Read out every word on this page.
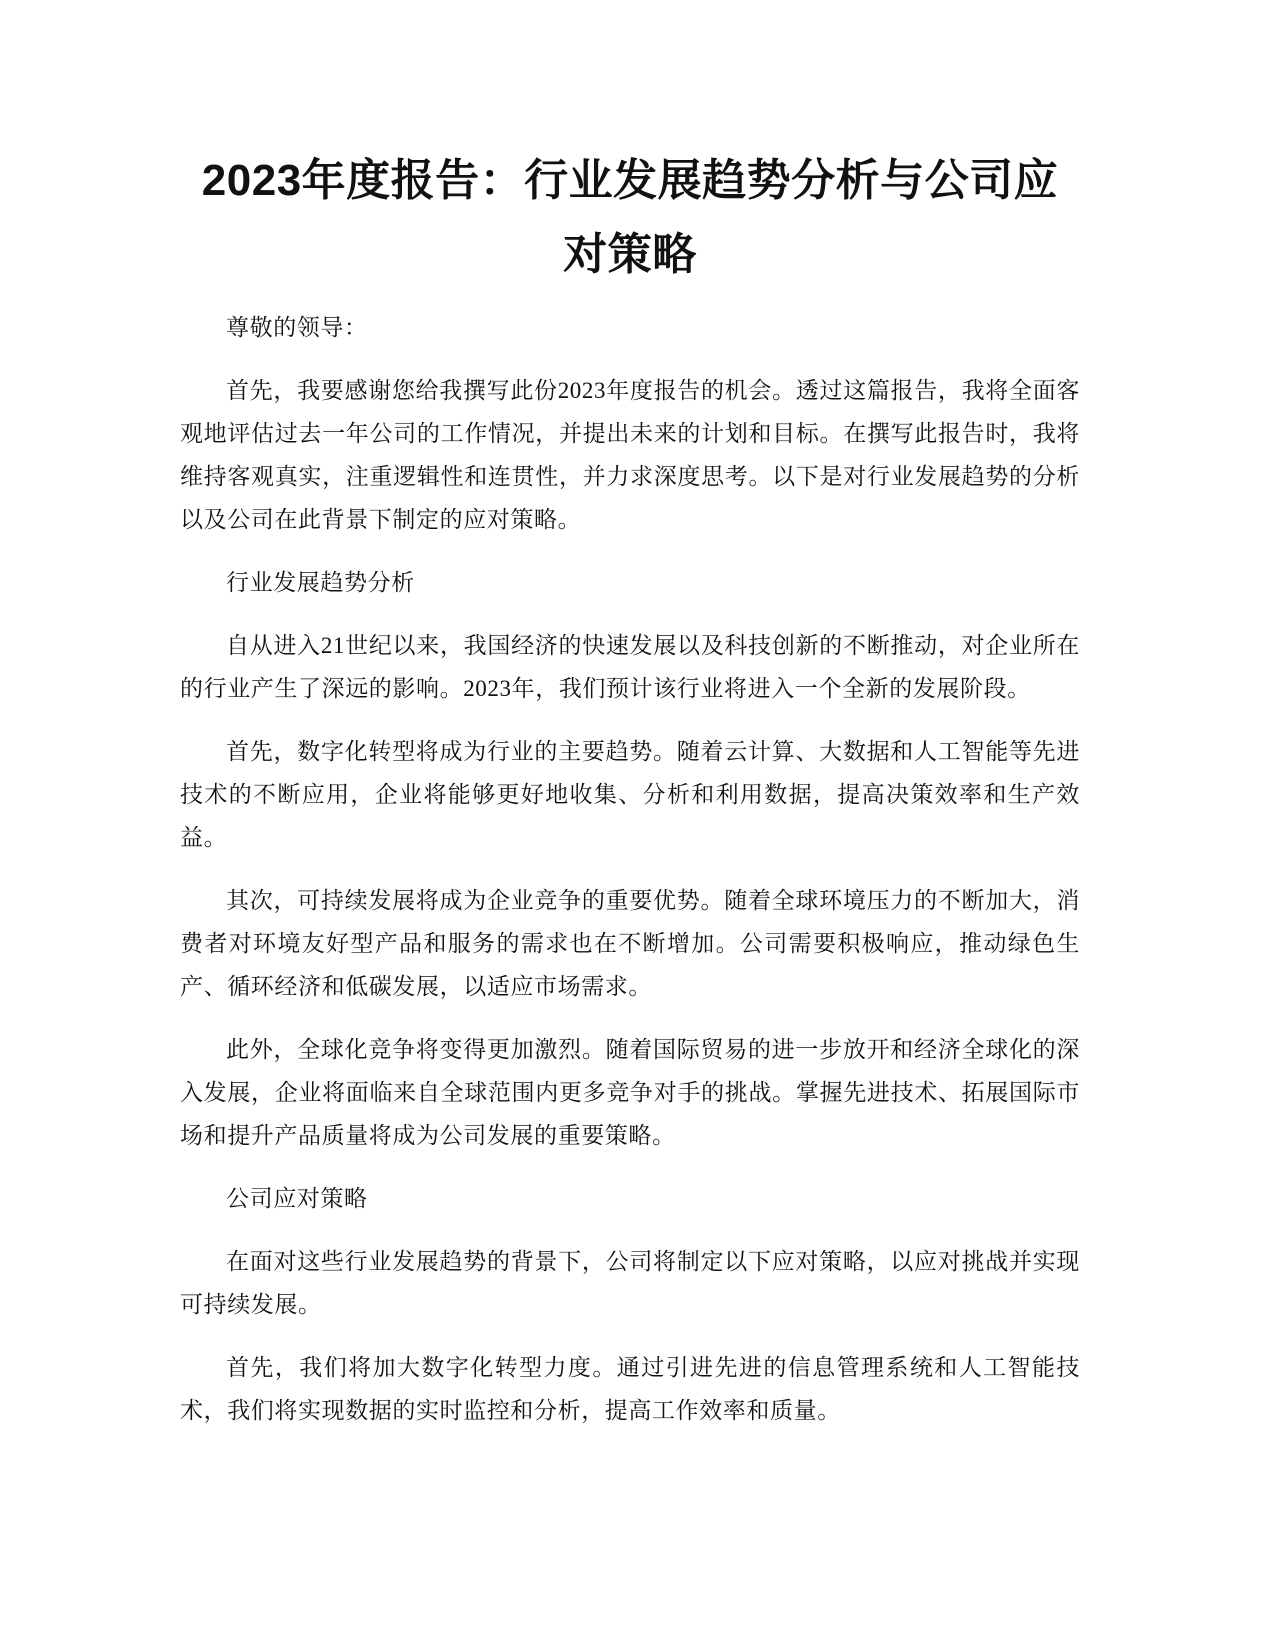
2023年度报告：行业发展趋势分析与公司应对策略

尊敬的领导：

首先，我要感谢您给我撰写此份2023年度报告的机会。透过这篇报告，我将全面客观地评估过去一年公司的工作情况，并提出未来的计划和目标。在撰写此报告时，我将维持客观真实，注重逻辑性和连贯性，并力求深度思考。以下是对行业发展趋势的分析以及公司在此背景下制定的应对策略。

行业发展趋势分析

自从进入21世纪以来，我国经济的快速发展以及科技创新的不断推动，对企业所在的行业产生了深远的影响。2023年，我们预计该行业将进入一个全新的发展阶段。

首先，数字化转型将成为行业的主要趋势。随着云计算、大数据和人工智能等先进技术的不断应用，企业将能够更好地收集、分析和利用数据，提高决策效率和生产效益。

其次，可持续发展将成为企业竞争的重要优势。随着全球环境压力的不断加大，消费者对环境友好型产品和服务的需求也在不断增加。公司需要积极响应，推动绿色生产、循环经济和低碳发展，以适应市场需求。

此外，全球化竞争将变得更加激烈。随着国际贸易的进一步放开和经济全球化的深入发展，企业将面临来自全球范围内更多竞争对手的挑战。掌握先进技术、拓展国际市场和提升产品质量将成为公司发展的重要策略。

公司应对策略

在面对这些行业发展趋势的背景下，公司将制定以下应对策略，以应对挑战并实现可持续发展。

首先，我们将加大数字化转型力度。通过引进先进的信息管理系统和人工智能技术，我们将实现数据的实时监控和分析，提高工作效率和质量。
